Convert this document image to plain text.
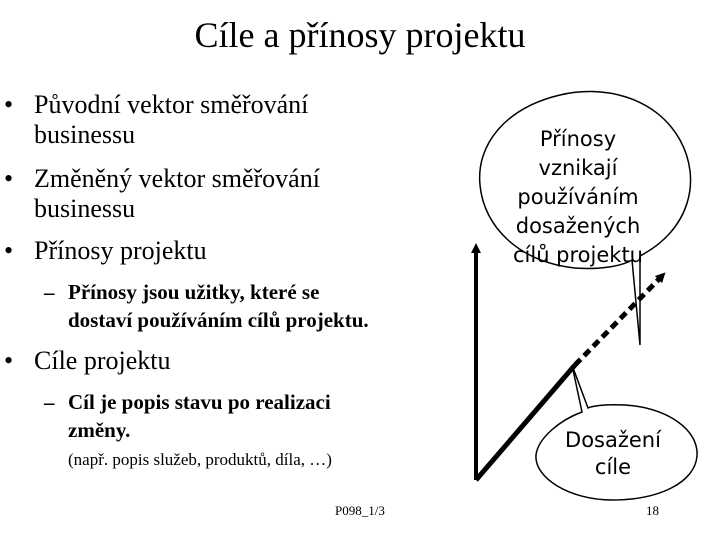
Cíle a přínosy projektu
• Původní vektor směřování
businessu
• Změněný vektor směřování
businessu
• Přínosy projektu
– Přínosy jsou užitky, které se
dostaví používáním cílů projektu.
• Cíle projektu
– Cíl je popis stavu po realizaci
změny.
(např. popis služeb, produktů, díla, …)
Přínosy
vznikají
používáním
dosažených
cílů projektu
Dosažení
cíle
P098_1/3	18
